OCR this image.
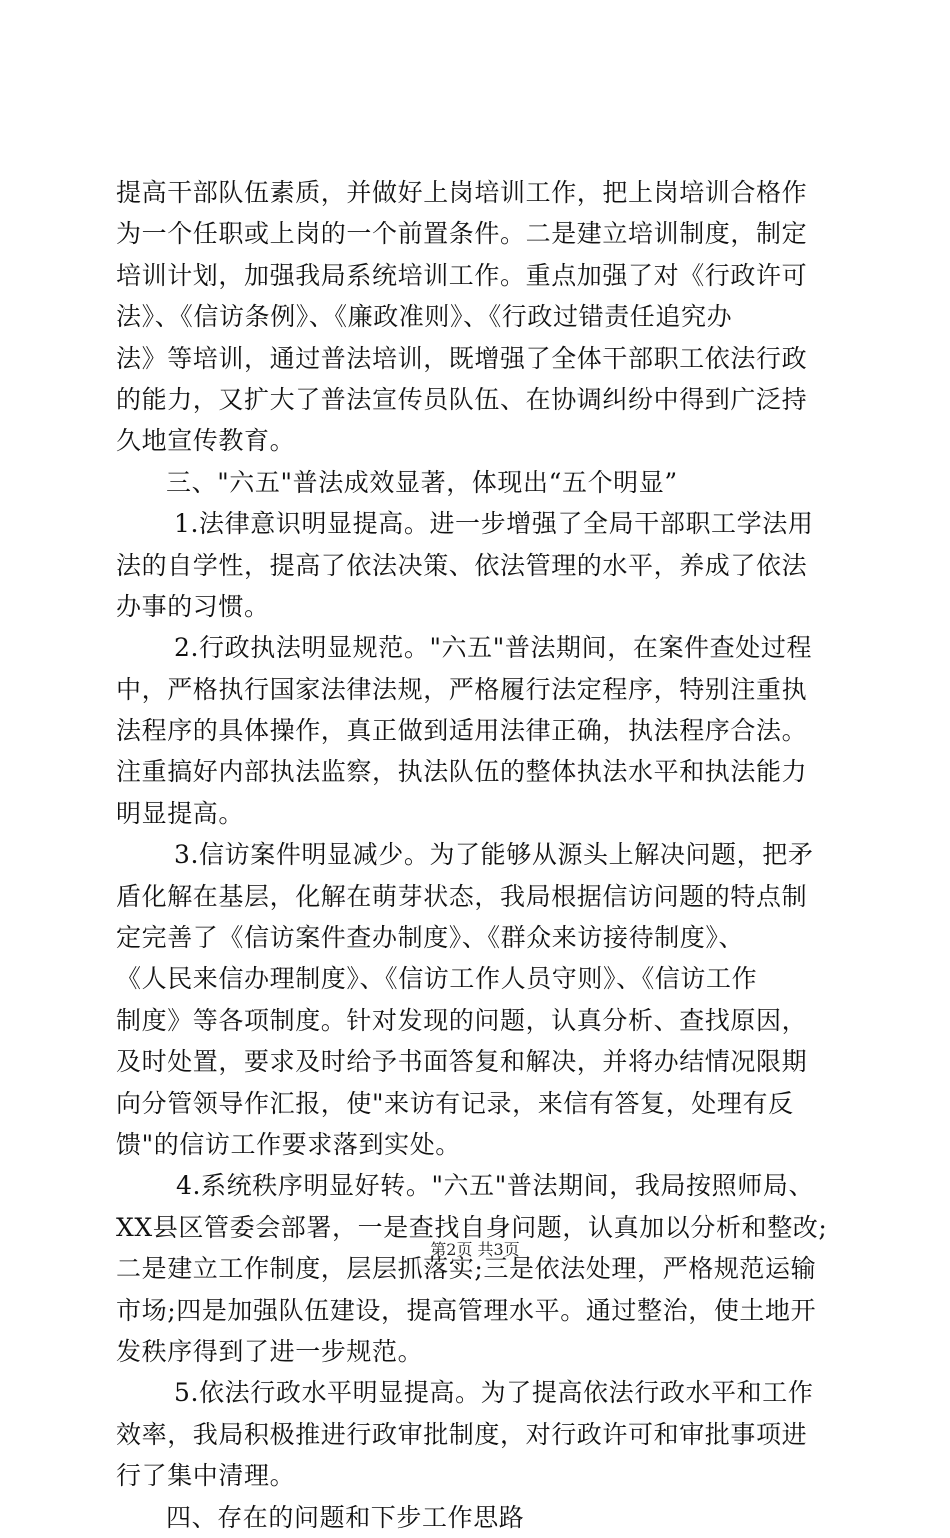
提高干部队伍素质，并做好上岗培训工作，把上岗培训合格作
为一个任职或上岗的一个前置条件。二是建立培训制度，制定
培训计划，加强我局系统培训工作。重点加强了对《行政许可
法》、《信访条例》、《廉政准则》、《行政过错责任追究办
法》等培训，通过普法培训，既增强了全体干部职工依法行政
的能力，又扩大了普法宣传员队伍、在协调纠纷中得到广泛持
久地宣传教育。
三、"六五"普法成效显著，体现出“五个明显”
1.法律意识明显提高。进一步增强了全局干部职工学法用
法的自学性，提高了依法决策、依法管理的水平，养成了依法
办事的习惯。
2.行政执法明显规范。"六五"普法期间，在案件查处过程
中，严格执行国家法律法规，严格履行法定程序，特别注重执
法程序的具体操作，真正做到适用法律正确，执法程序合法。
注重搞好内部执法监察，执法队伍的整体执法水平和执法能力
明显提高。
3.信访案件明显减少。为了能够从源头上解决问题，把矛
盾化解在基层，化解在萌芽状态，我局根据信访问题的特点制
定完善了《信访案件查办制度》、《群众来访接待制度》、
《人民来信办理制度》、《信访工作人员守则》、《信访工作
制度》等各项制度。针对发现的问题，认真分析、查找原因，
及时处置，要求及时给予书面答复和解决，并将办结情况限期
向分管领导作汇报，使"来访有记录，来信有答复，处理有反
馈"的信访工作要求落到实处。
4.系统秩序明显好转。"六五"普法期间，我局按照师局、
XX县区管委会部署，一是查找自身问题，认真加以分析和整改;
二是建立工作制度，层层抓落实;三是依法处理，严格规范运输
市场;四是加强队伍建设，提高管理水平。通过整治，使土地开
发秩序得到了进一步规范。
5.依法行政水平明显提高。为了提高依法行政水平和工作
效率，我局积极推进行政审批制度，对行政许可和审批事项进
行了集中清理。
四、存在的问题和下步工作思路
第2页 共3页
